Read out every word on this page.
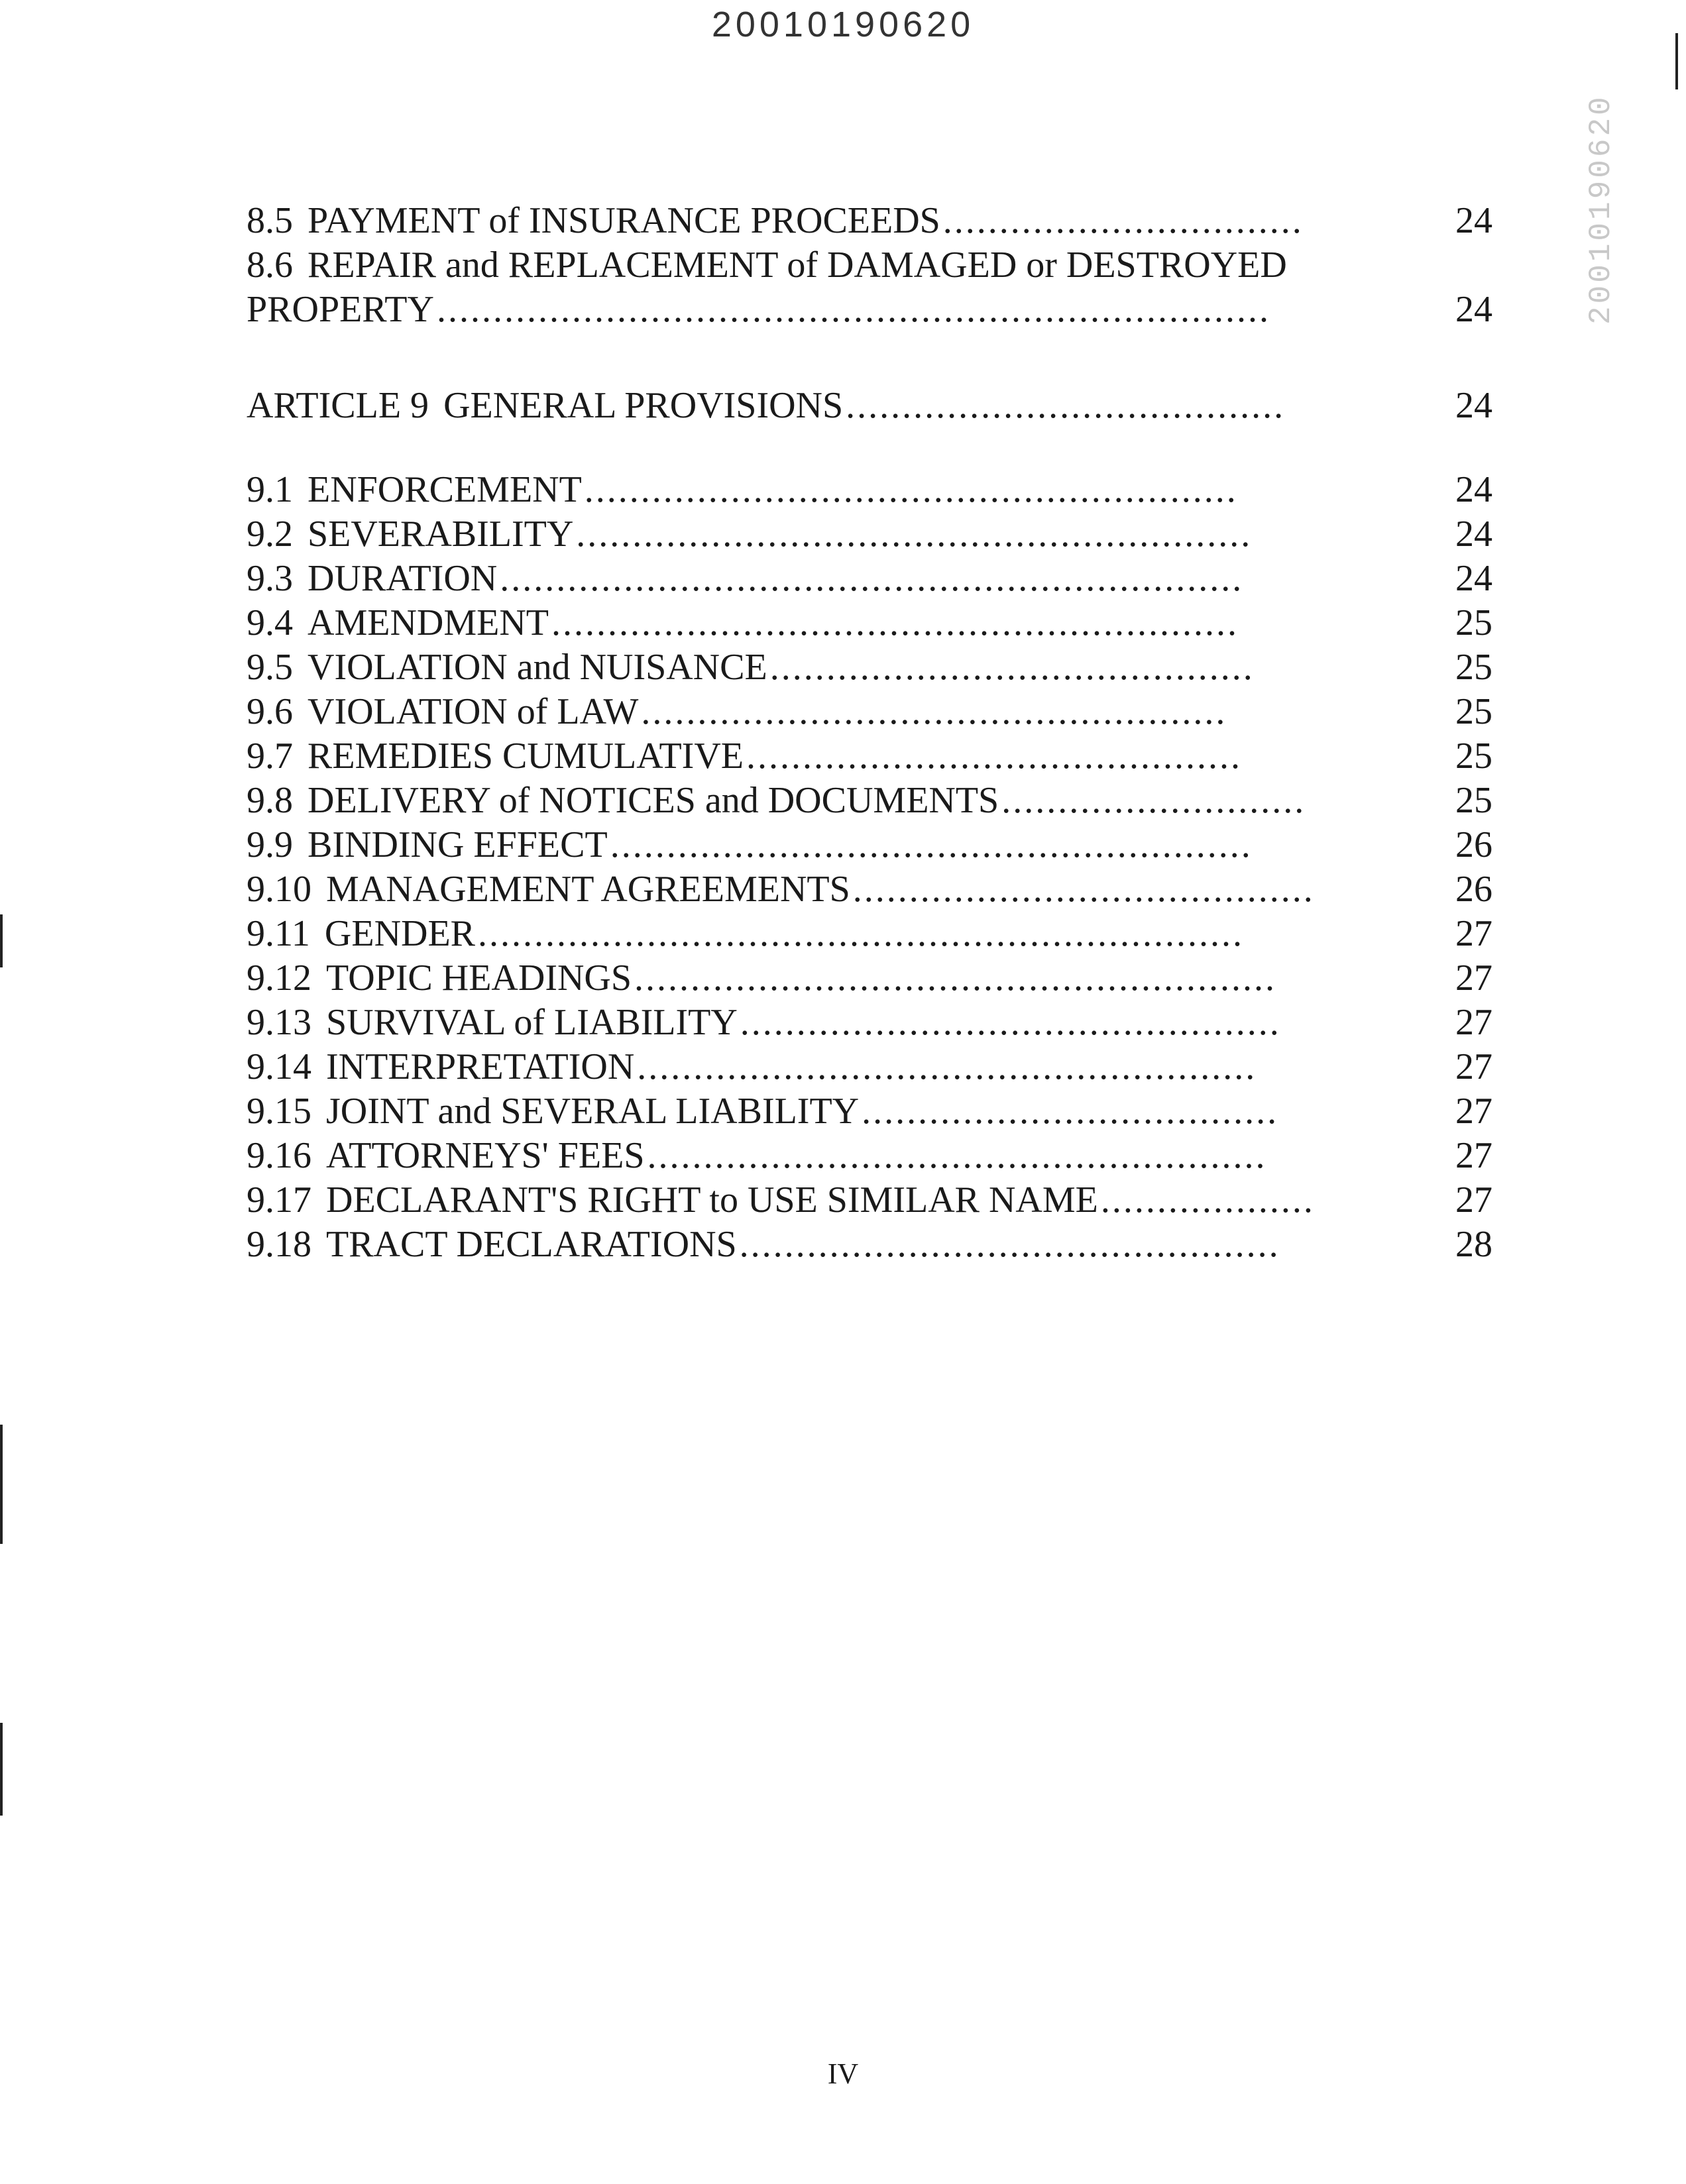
20010190620
20010190620
8.5 PAYMENT of INSURANCE PROCEEDS................................	24
8.6 REPAIR and REPLACEMENT of DAMAGED or DESTROYED
PROPERTY..........................................................................	24
ARTICLE 9 GENERAL PROVISIONS.......................................	24
9.1 ENFORCEMENT..........................................................	24
9.2 SEVERABILITY............................................................	24
9.3 DURATION..................................................................	24
9.4 AMENDMENT.............................................................	25
9.5 VIOLATION and NUISANCE...........................................	25
9.6 VIOLATION of LAW....................................................	25
9.7 REMEDIES CUMULATIVE............................................	25
9.8 DELIVERY of NOTICES and DOCUMENTS...........................	25
9.9 BINDING EFFECT.........................................................	26
9.10 MANAGEMENT AGREEMENTS.........................................	26
9.11 GENDER....................................................................	27
9.12 TOPIC HEADINGS.........................................................	27
9.13 SURVIVAL of LIABILITY................................................	27
9.14 INTERPRETATION.......................................................	27
9.15 JOINT and SEVERAL LIABILITY.....................................	27
9.16 ATTORNEYS' FEES.......................................................	27
9.17 DECLARANT'S RIGHT to USE SIMILAR NAME...................	27
9.18 TRACT DECLARATIONS................................................	28
IV
